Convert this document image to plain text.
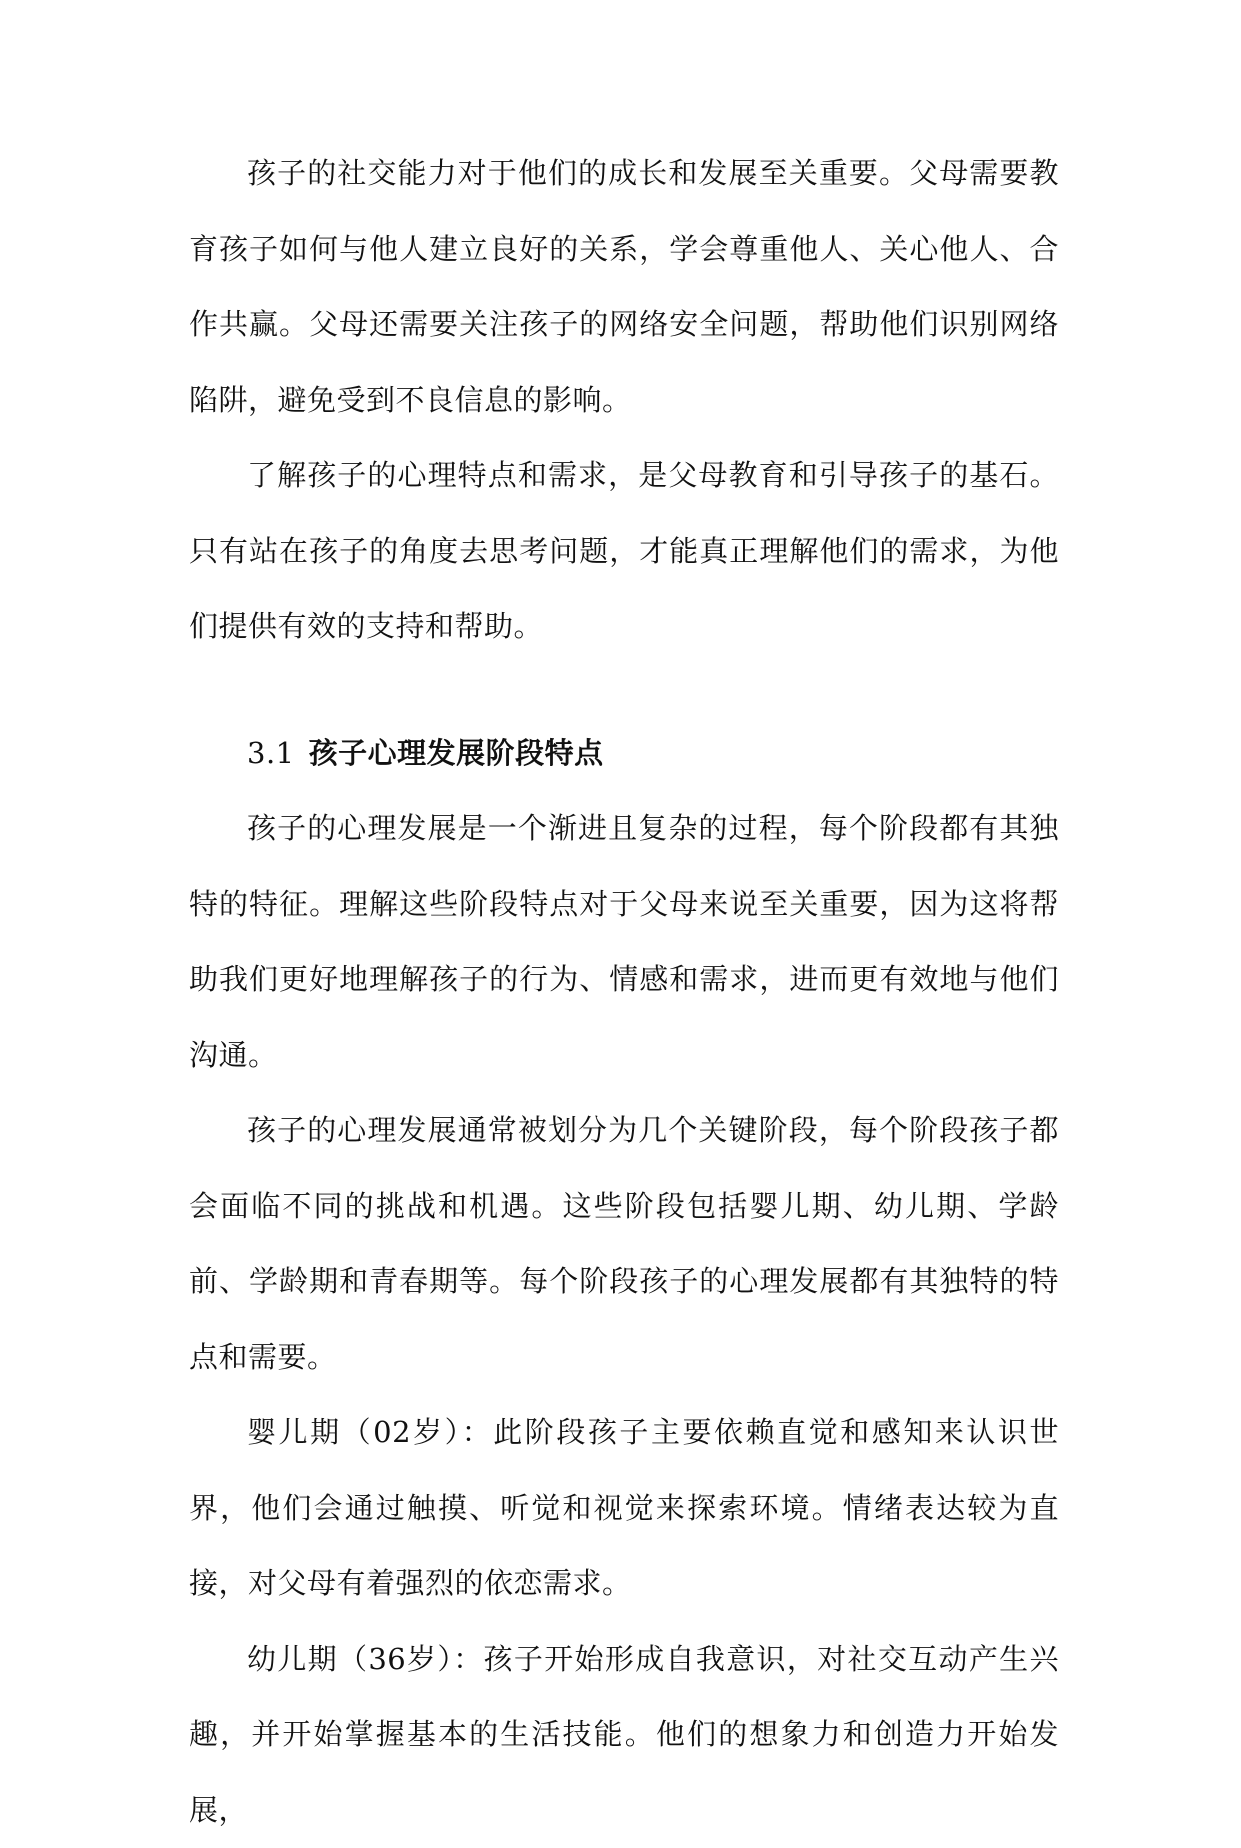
孩子的社交能力对于他们的成长和发展至关重要。父母需要教育孩子如何与他人建立良好的关系，学会尊重他人、关心他人、合作共赢。父母还需要关注孩子的网络安全问题，帮助他们识别网络陷阱，避免受到不良信息的影响。

了解孩子的心理特点和需求，是父母教育和引导孩子的基石。只有站在孩子的角度去思考问题，才能真正理解他们的需求，为他们提供有效的支持和帮助。

3.1 孩子心理发展阶段特点

孩子的心理发展是一个渐进且复杂的过程，每个阶段都有其独特的特征。理解这些阶段特点对于父母来说至关重要，因为这将帮助我们更好地理解孩子的行为、情感和需求，进而更有效地与他们沟通。

孩子的心理发展通常被划分为几个关键阶段，每个阶段孩子都会面临不同的挑战和机遇。这些阶段包括婴儿期、幼儿期、学龄前、学龄期和青春期等。每个阶段孩子的心理发展都有其独特的特点和需要。

婴儿期（02岁）：此阶段孩子主要依赖直觉和感知来认识世界，他们会通过触摸、听觉和视觉来探索环境。情绪表达较为直接，对父母有着强烈的依恋需求。

幼儿期（36岁）：孩子开始形成自我意识，对社交互动产生兴趣，并开始掌握基本的生活技能。他们的想象力和创造力开始发展，
